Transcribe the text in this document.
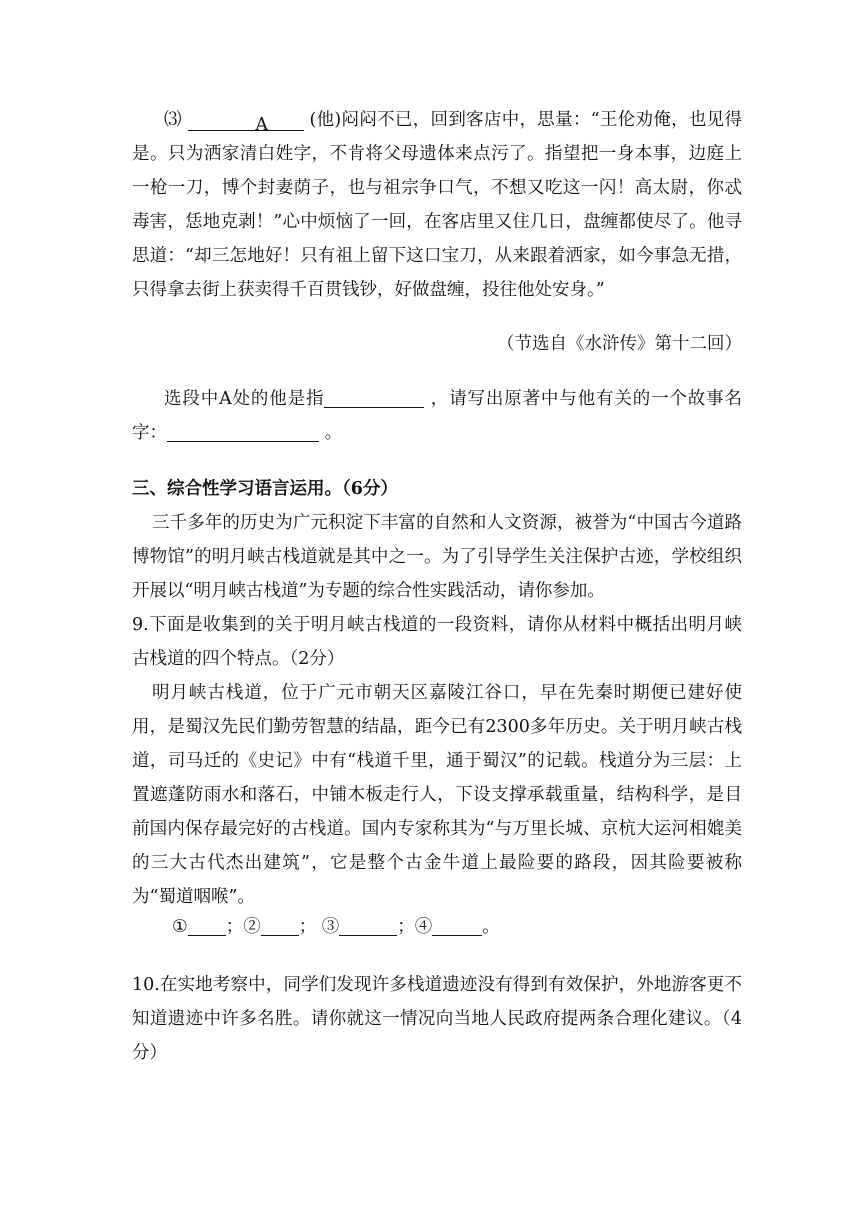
⑶	A (他)闷闷不已，回到客店中，思量：“王伦劝俺，也见得是。只为洒家清白姓字，不肯将父母遗体来点污了。指望把一身本事，边庭上一枪一刀，博个封妻荫子，也与祖宗争口气，不想又吃这一闪！高太尉，你忒毒害，恁地克剥！”心中烦恼了一回，在客店里又住几日，盘缠都使尽了。他寻思道：“却三怎地好！只有祖上留下这口宝刀，从来跟着洒家，如今事急无措，只得拿去街上获卖得千百贯钱钞，好做盘缠，投往他处安身。”

（节选自《水浒传》第十二回）

选段中A处的他是指	，请写出原著中与他有关的一个故事名字：	。

三、综合性学习语言运用。（6分）

三千多年的历史为广元积淀下丰富的自然和人文资源，被誉为“中国古今道路博物馆”的明月峡古栈道就是其中之一。为了引导学生关注保护古迹，学校组织开展以“明月峡古栈道”为专题的综合性实践活动，请你参加。

9.下面是收集到的关于明月峡古栈道的一段资料，请你从材料中概括出明月峡古栈道的四个特点。（2分）

明月峡古栈道，位于广元市朝天区嘉陵江谷口，早在先秦时期便已建好使用，是蜀汉先民们勤劳智慧的结晶，距今已有2300多年历史。关于明月峡古栈道，司马迁的《史记》中有“栈道千里，通于蜀汉”的记载。栈道分为三层：上置遮蓬防雨水和落石，中铺木板走行人，下设支撑承载重量，结构科学，是目前国内保存最完好的古栈道。国内专家称其为“与万里长城、京杭大运河相媲美的三大古代杰出建筑”，它是整个古金牛道上最险要的路段，因其险要被称为“蜀道咽喉”。

① ；② ； ③	；④	。

10.在实地考察中，同学们发现许多栈道遗迹没有得到有效保护，外地游客更不知道遗迹中许多名胜。请你就这一情况向当地人民政府提两条合理化建议。（4分）
